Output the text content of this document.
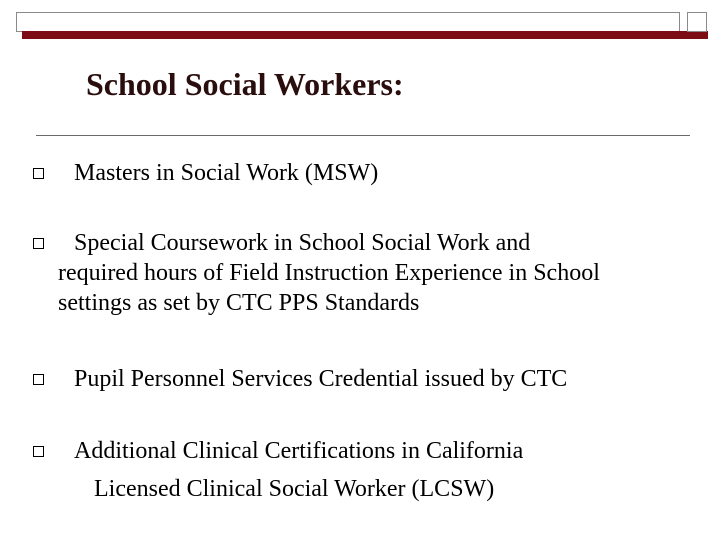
School Social Workers:
Masters in Social Work (MSW)
Special Coursework in School Social Work and
required hours of Field Instruction Experience in School
settings as set by CTC PPS Standards
Pupil Personnel Services Credential issued by CTC
Additional Clinical Certifications in California
Licensed Clinical Social Worker (LCSW)
